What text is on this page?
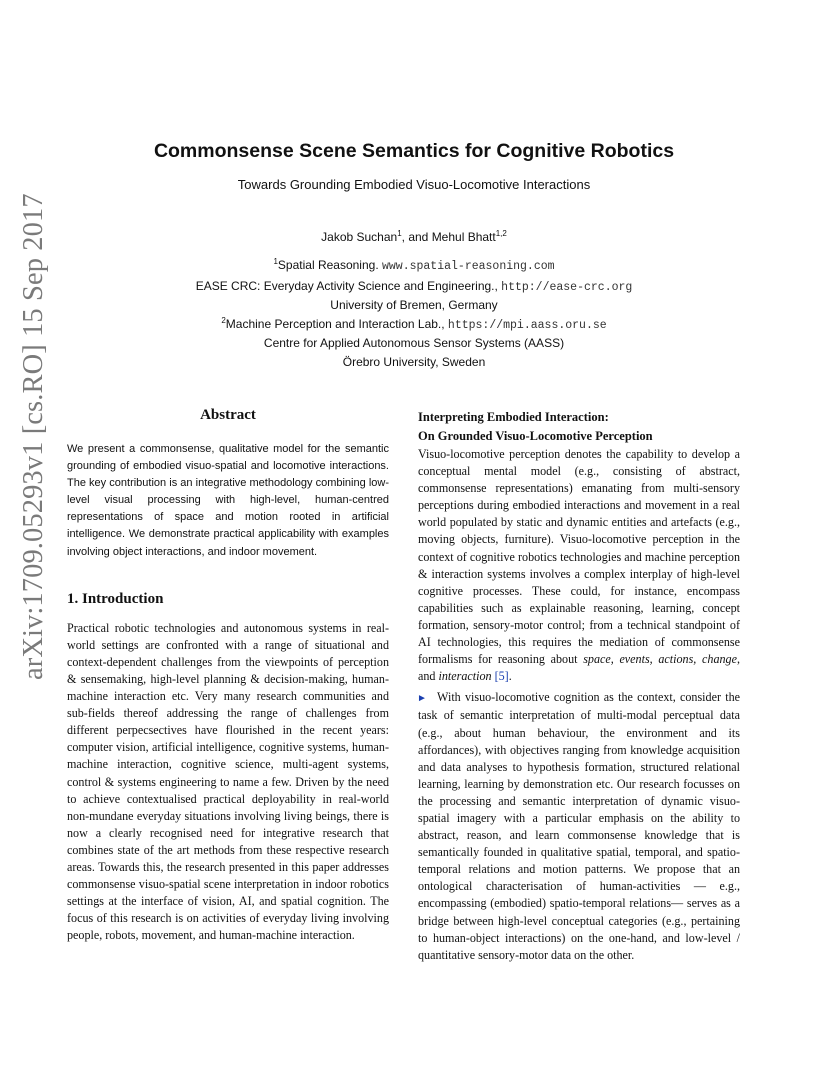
arXiv:1709.05293v1 [cs.RO] 15 Sep 2017
Commonsense Scene Semantics for Cognitive Robotics
Towards Grounding Embodied Visuo-Locomotive Interactions
Jakob Suchan$^1$, and Mehul Bhatt$^{1,2}$
$^1$Spatial Reasoning. www.spatial-reasoning.com
EASE CRC: Everyday Activity Science and Engineering., http://ease-crc.org
University of Bremen, Germany
$^2$Machine Perception and Interaction Lab., https://mpi.aass.oru.se
Centre for Applied Autonomous Sensor Systems (AASS)
Örebro University, Sweden
Abstract

We present a commonsense, qualitative model for the semantic grounding of embodied visuo-spatial and locomotive interactions. The key contribution is an integrative methodology combining low-level visual processing with high-level, human-centred representations of space and motion rooted in artificial intelligence. We demonstrate practical applicability with examples involving object interactions, and indoor movement.

1. Introduction

Practical robotic technologies and autonomous systems in real-world settings are confronted with a range of situational and context-dependent challenges from the viewpoints of perception & sensemaking, high-level planning & decision-making, human-machine interaction etc. Very many research communities and sub-fields thereof addressing the range of challenges from different perpecsectives have flourished in the recent years: computer vision, artificial intelligence, cognitive systems, human-machine interaction, cognitive science, multi-agent systems, control & systems engineering to name a few. Driven by the need to achieve contextualised practical deployability in real-world non-mundane everyday situations involving living beings, there is now a clearly recognised need for integrative research that combines state of the art methods from these respective research areas. Towards this, the research presented in this paper addresses commonsense visuo-spatial scene interpretation in indoor robotics settings at the interface of vision, AI, and spatial cognition. The focus of this research is on activities of everyday living involving people, robots, movement, and human-machine interaction.

Interpreting Embodied Interaction:

On Grounded Visuo-Locomotive Perception

Visuo-locomotive perception denotes the capability to develop a conceptual mental model (e.g., consisting of abstract, commonsense representations) emanating from multi-sensory perceptions during embodied interactions and movement in a real world populated by static and dynamic entities and artefacts (e.g., moving objects, furniture). Visuo-locomotive perception in the context of cognitive robotics technologies and machine perception & interaction systems involves a complex interplay of high-level cognitive processes. These could, for instance, encompass capabilities such as explainable reasoning, learning, concept formation, sensory-motor control; from a technical standpoint of AI technologies, this requires the mediation of commonsense formalisms for reasoning about space, events, actions, change, and interaction [5].

► With visuo-locomotive cognition as the context, consider the task of semantic interpretation of multi-modal perceptual data (e.g., about human behaviour, the environment and its affordances), with objectives ranging from knowledge acquisition and data analyses to hypothesis formation, structured relational learning, learning by demonstration etc. Our research focusses on the processing and semantic interpretation of dynamic visuo-spatial imagery with a particular emphasis on the ability to abstract, reason, and learn commonsense knowledge that is semantically founded in qualitative spatial, temporal, and spatio-temporal relations and motion patterns. We propose that an ontological characterisation of human-activities — e.g., encompassing (embodied) spatio-temporal relations— serves as a bridge between high-level conceptual categories (e.g., pertaining to human-object interactions) on the one-hand, and low-level / quantitative sensory-motor data on the other.
